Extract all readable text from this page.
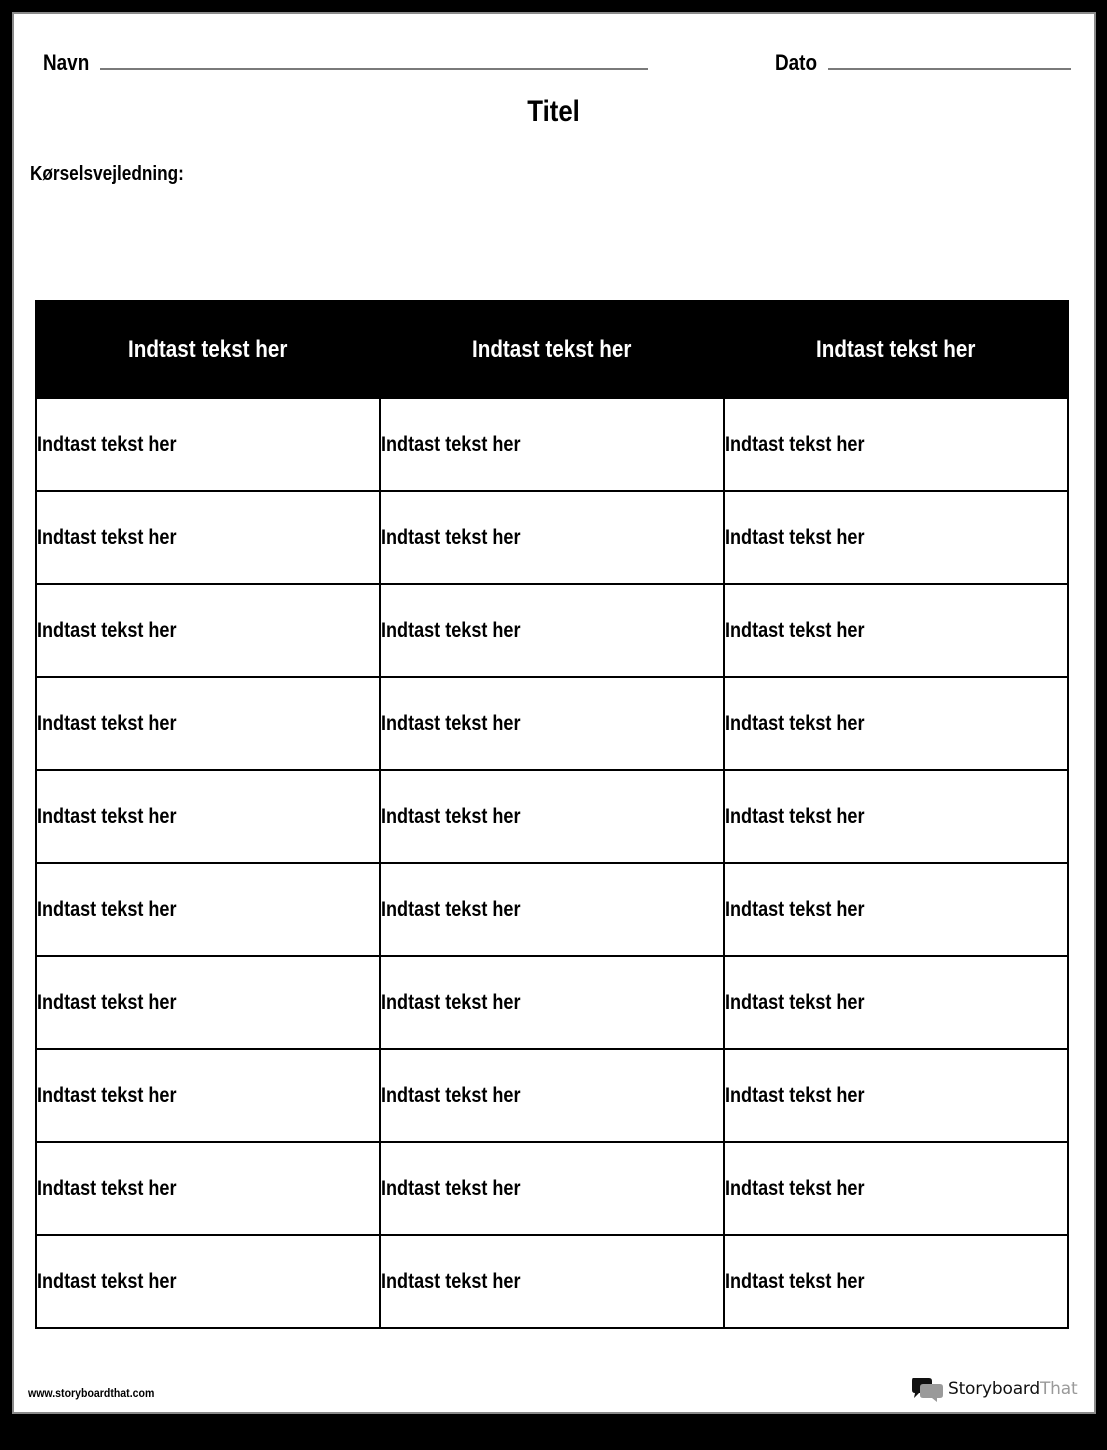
Navn	Dato
Titel
Kørselsvejledning:
Indtast tekst her	Indtast tekst her	Indtast tekst her
Indtast tekst her	Indtast tekst her	Indtast tekst her
Indtast tekst her	Indtast tekst her	Indtast tekst her
Indtast tekst her	Indtast tekst her	Indtast tekst her
Indtast tekst her	Indtast tekst her	Indtast tekst her
Indtast tekst her	Indtast tekst her	Indtast tekst her
Indtast tekst her	Indtast tekst her	Indtast tekst her
Indtast tekst her	Indtast tekst her	Indtast tekst her
Indtast tekst her	Indtast tekst her	Indtast tekst her
Indtast tekst her	Indtast tekst her	Indtast tekst her
Indtast tekst her	Indtast tekst her	Indtast tekst her
www.storyboardthat.com	StoryboardThat
